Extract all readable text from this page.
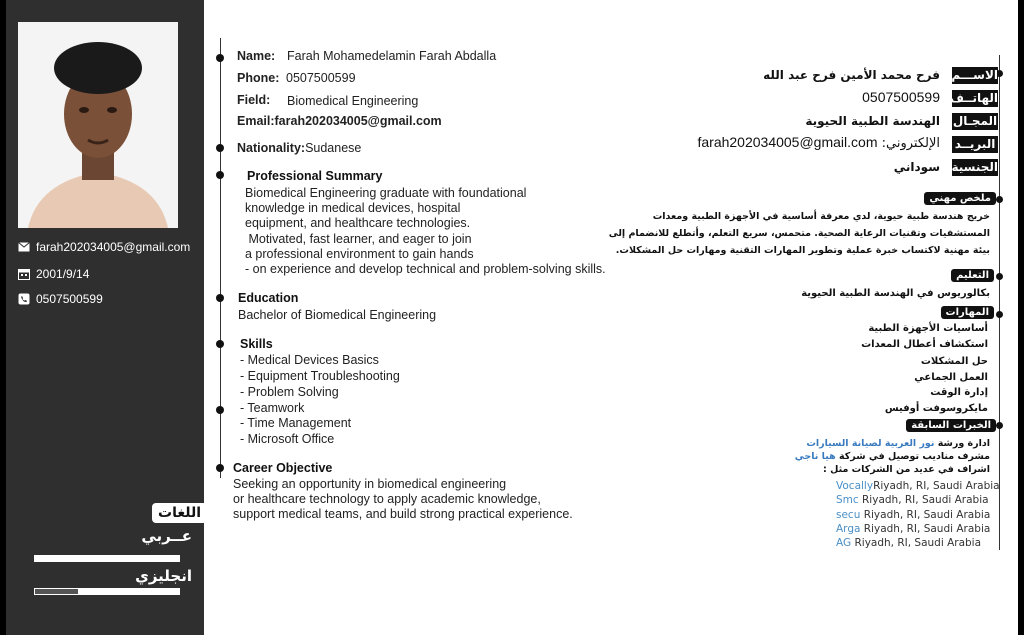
farah202034005@gmail.com
2001/9/14
0507500599
اللغات
عــربي
انجليزي
Name: Farah Mohamedelamin Farah Abdalla
Phone: 0507500599
Field: Biomedical Engineering
Email:farah202034005@gmail.com
Nationality:Sudanese
Professional Summary
Biomedical Engineering graduate with foundational
knowledge in medical devices, hospital
equipment, and healthcare technologies.
Motivated, fast learner, and eager to join
a professional environment to gain hands
- on experience and develop technical and problem-solving skills.
Education
Bachelor of Biomedical Engineering
Skills
- Medical Devices Basics
- Equipment Troubleshooting
- Problem Solving
- Teamwork
- Time Management
- Microsoft Office
Career Objective
Seeking an opportunity in biomedical engineering
or healthcare technology to apply academic knowledge,
support medical teams, and build strong practical experience.
الاســـم
الهاتــف
المجـال
البريــد
الجنسية
فرح محمد الأمين فرح عبد الله
0507500599
الهندسة الطبية الحيوية
الإلكتروني: farah202034005@gmail.com
سوداني
ملخص مهني
خريج هندسة طبية حيوية، لدي معرفة أساسية في الأجهزة الطبية ومعدات
المستشفيات وتقنيات الرعاية الصحية. متحمس، سريع التعلم، وأتطلع للانضمام إلى
بيئة مهنية لاكتساب خبرة عملية وتطوير المهارات التقنية ومهارات حل المشكلات.
التعليم
بكالوريوس في الهندسة الطبية الحيوية
المهارات
أساسيات الأجهزة الطبية
استكشاف أعطال المعدات
حل المشكلات
العمل الجماعي
إدارة الوقت
مايكروسوفت أوفيس
الخبرات السابقة
ادارة ورشة نور العربية لصيانة السيارات
مشرف مناديب توصيل في شركة هيا ناجي
اشراف في عديد من الشركات مثل :
VocallyRiyadh, RI, Saudi Arabia
Smc Riyadh, RI, Saudi Arabia
secu Riyadh, RI, Saudi Arabia
Arga Riyadh, RI, Saudi Arabia
AG Riyadh, RI, Saudi Arabia
